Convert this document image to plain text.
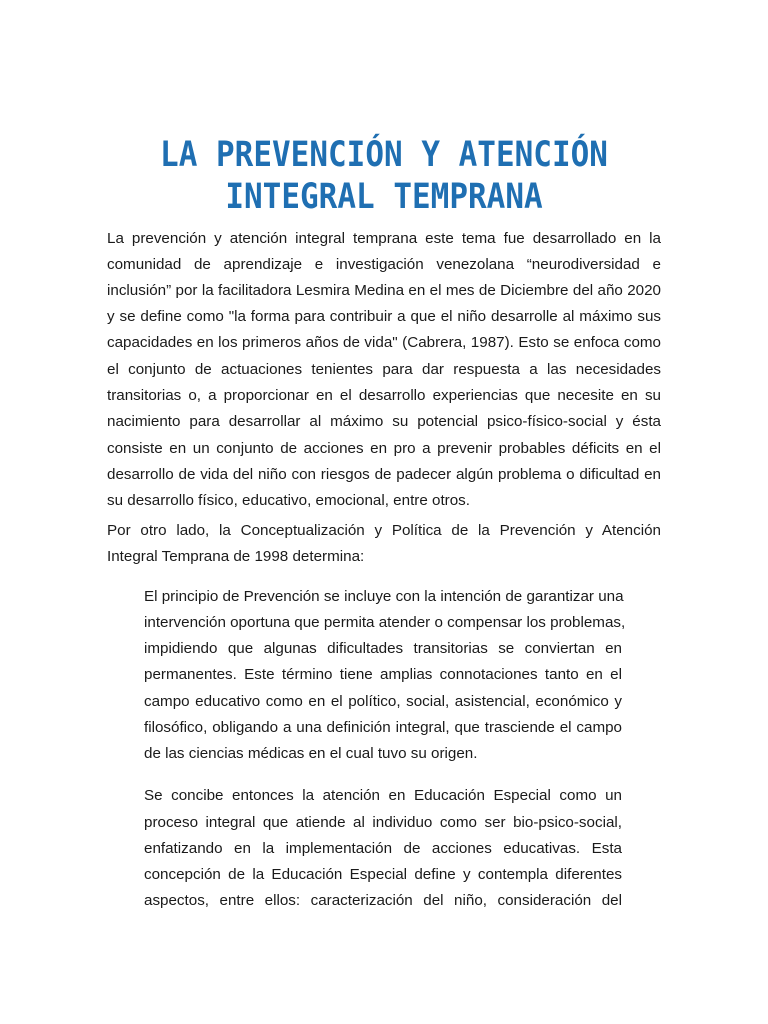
LA PREVENCIÓN Y ATENCIÓN
INTEGRAL TEMPRANA
La prevención y atención integral temprana este tema fue desarrollado en la
comunidad de aprendizaje e investigación venezolana “neurodiversidad e
inclusión” por la facilitadora Lesmira Medina en el mes de Diciembre del año 2020
y se define como "la forma para contribuir a que el niño desarrolle al máximo sus
capacidades en los primeros años de vida" (Cabrera, 1987). Esto se enfoca como
el conjunto de actuaciones tenientes para dar respuesta a las necesidades
transitorias o, a proporcionar en el desarrollo experiencias que necesite en su
nacimiento para desarrollar al máximo su potencial psico-físico-social y ésta
consiste en un conjunto de acciones en pro a prevenir probables déficits en el
desarrollo de vida del niño con riesgos de padecer algún problema o dificultad en
su desarrollo físico, educativo, emocional, entre otros.
Por otro lado, la Conceptualización y Política de la Prevención y Atención
Integral Temprana de 1998 determina:
El principio de Prevención se incluye con la intención de garantizar una
intervención oportuna que permita atender o compensar los problemas,
impidiendo que algunas dificultades transitorias se conviertan en
permanentes. Este término tiene amplias connotaciones tanto en el
campo educativo como en el político, social, asistencial, económico y
filosófico, obligando a una definición integral, que trasciende el campo
de las ciencias médicas en el cual tuvo su origen.
Se concibe entonces la atención en Educación Especial como un
proceso integral que atiende al individuo como ser bio-psico-social,
enfatizando en la implementación de acciones educativas. Esta
concepción de la Educación Especial define y contempla diferentes
aspectos, entre ellos: caracterización del niño, consideración del
